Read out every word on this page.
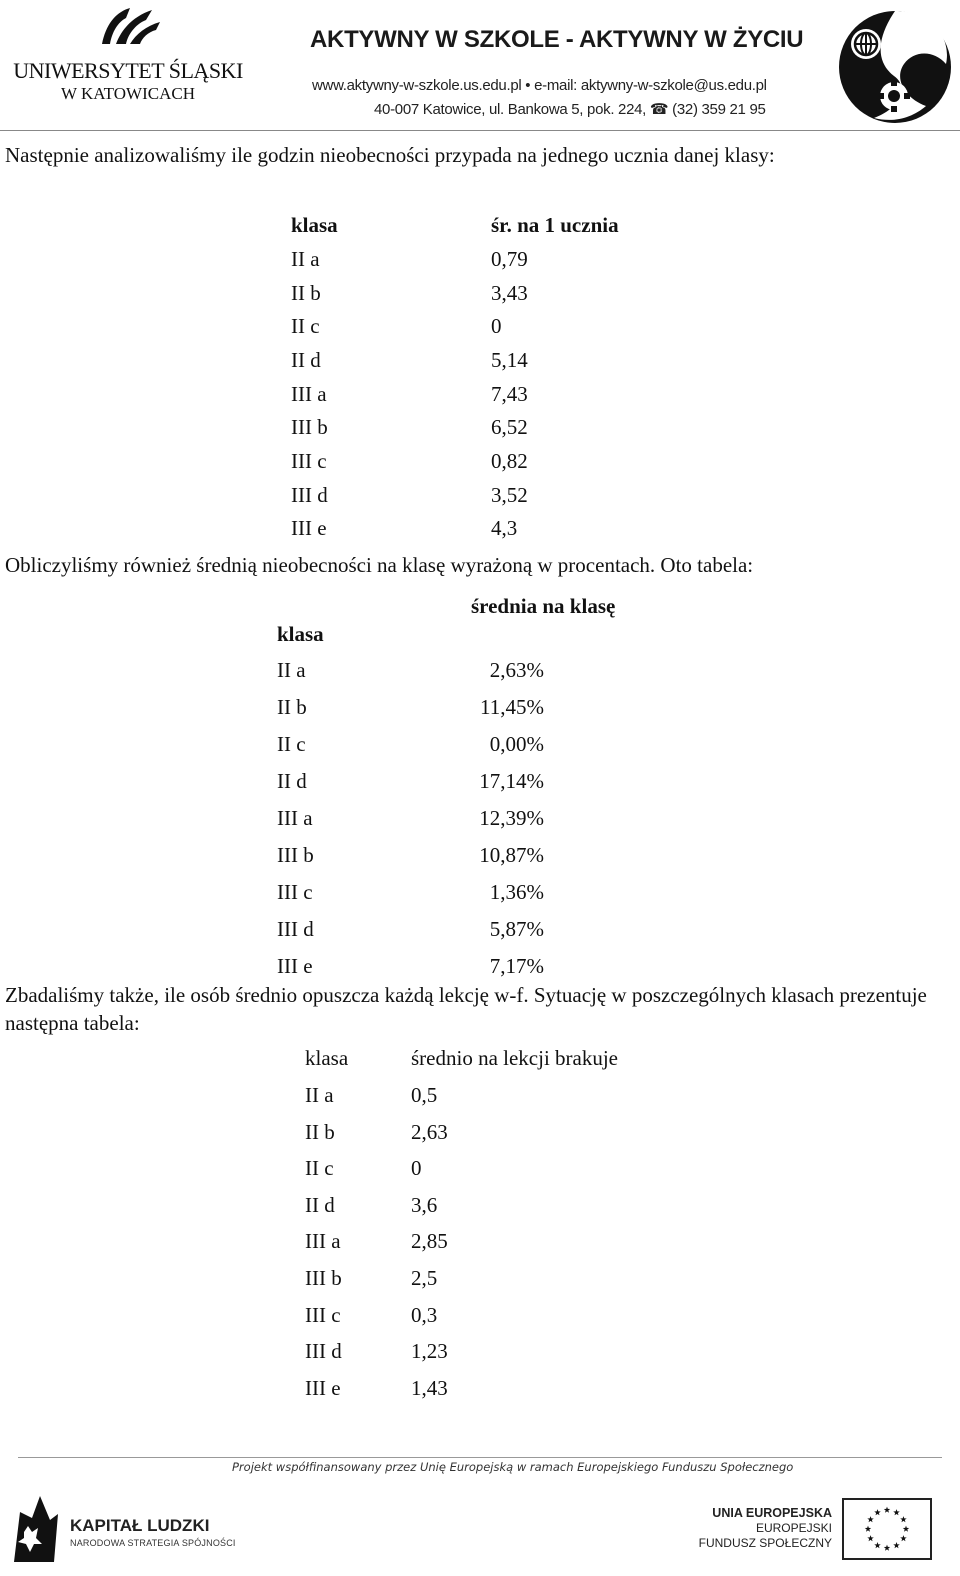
UNIWERSYTET ŚLĄSKI
W KATOWICACH
AKTYWNY W SZKOLE - AKTYWNY W ŻYCIU
www.aktywny-w-szkole.us.edu.pl • e-mail: aktywny-w-szkole@us.edu.pl
40-007 Katowice, ul. Bankowa 5, pok. 224, ☎ (32) 359 21 95
Następnie analizowaliśmy ile godzin nieobecności przypada na jednego ucznia danej klasy:
klasa	śr. na 1 ucznia
II a	0,79
II b	3,43
II c	0
II d	5,14
III a	7,43
III b	6,52
III c	0,82
III d	3,52
III e	4,3
Obliczyliśmy również średnią nieobecności na klasę wyrażoną w procentach. Oto tabela:
średnia na klasę
klasa
II a	2,63%
II b	11,45%
II c	0,00%
II d	17,14%
III a	12,39%
III b	10,87%
III c	1,36%
III d	5,87%
III e	7,17%
Zbadaliśmy także, ile osób średnio opuszcza każdą lekcję w-f. Sytuację w poszczególnych klasach prezentuje następna tabela:
klasa	średnio na lekcji brakuje
II a	0,5
II b	2,63
II c	0
II d	3,6
III a	2,85
III b	2,5
III c	0,3
III d	1,23
III e	1,43
Projekt współfinansowany przez Unię Europejską w ramach Europejskiego Funduszu Społecznego
KAPITAŁ LUDZKI
NARODOWA STRATEGIA SPÓJNOŚCI
UNIA EUROPEJSKA
EUROPEJSKI
FUNDUSZ SPOŁECZNY
